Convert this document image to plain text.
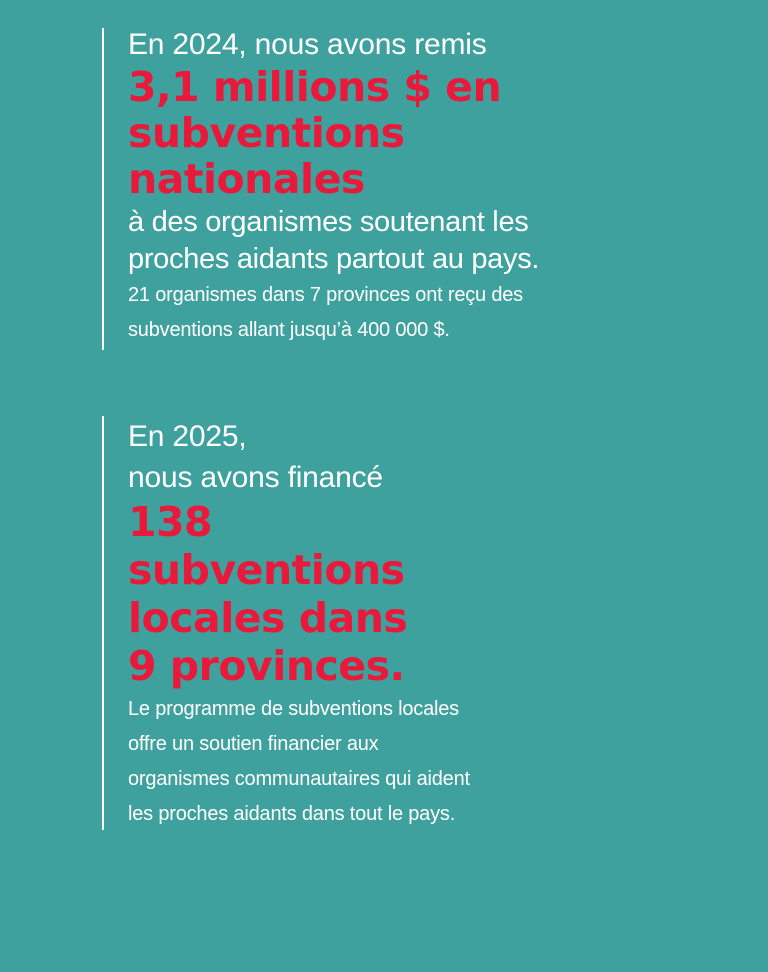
En 2024, nous avons remis

3,1 millions $ en
subventions
nationales

à des organismes soutenant les
proches aidants partout au pays.

21 organismes dans 7 provinces ont reçu des
subventions allant jusqu’à 400 000 $.

En 2025,
nous avons financé

138
subventions
locales dans
9 provinces.

Le programme de subventions locales
offre un soutien financier aux
organismes communautaires qui aident
les proches aidants dans tout le pays.
